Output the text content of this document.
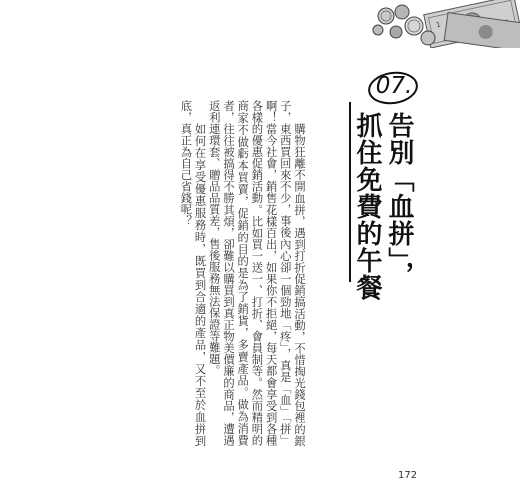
1
07.
告別「血拼」，
抓住免費的午餐

購物狂離不開血拼，遇到打折促銷搞活動，不惜掏光錢包裡的銀子，東西買回來不少，事後內心卻一個勁地「疼」，真是「血」「拼」啊！當今社會，銷售花樣百出，如果你不拒絕，每天都會享受到各種各樣的優惠促銷活動。比如買一送一、打折、會員制等。然而精明的商家不做虧本買賣，促銷的目的是為了銷貨，多賣產品。做為消費者，往往被搞得不勝其煩，卻難以購買到真正物美價廉的商品，遭遇返利連環套、贈品品質差，售後服務無法保證等難題。

如何在享受優惠服務時，既買到合適的產品，又不至於血拼到底，真正為自己省錢呢？

172
